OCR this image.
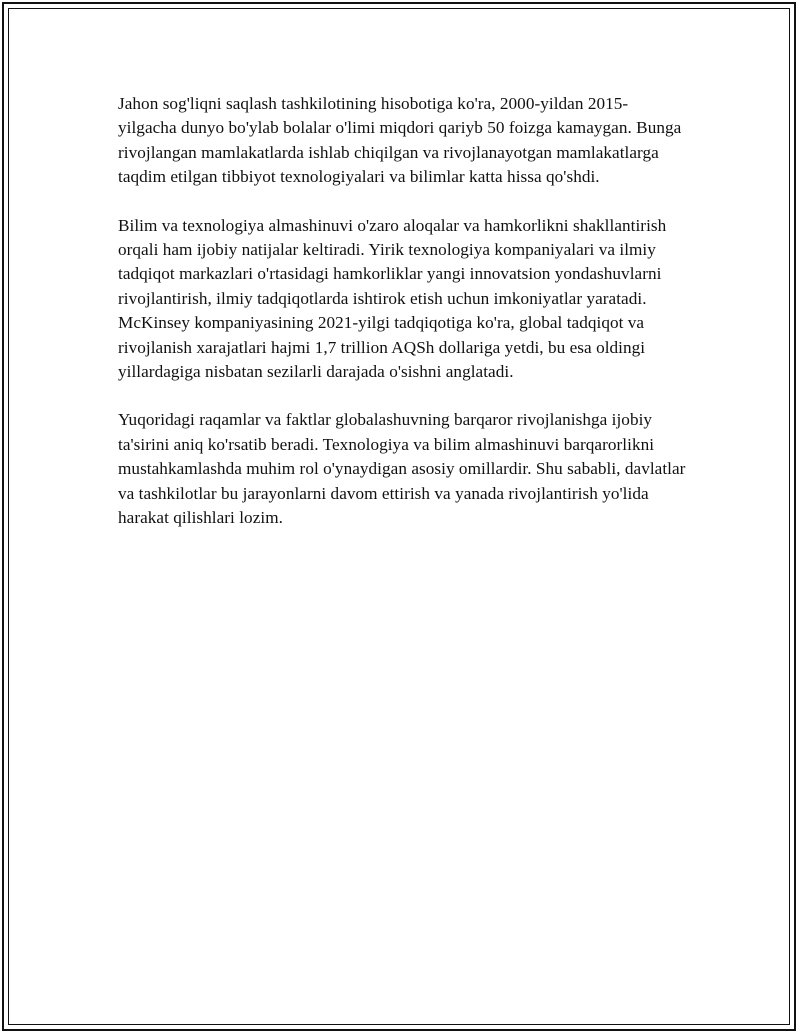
Jahon sog'liqni saqlash tashkilotining hisobotiga ko'ra, 2000-yildan 2015-yilgacha dunyo bo'ylab bolalar o'limi miqdori qariyb 50 foizga kamaygan. Bunga rivojlangan mamlakatlarda ishlab chiqilgan va rivojlanayotgan mamlakatlarga taqdim etilgan tibbiyot texnologiyalari va bilimlar katta hissa qo'shdi.

Bilim va texnologiya almashinuvi o'zaro aloqalar va hamkorlikni shakllantirish orqali ham ijobiy natijalar keltiradi. Yirik texnologiya kompaniyalari va ilmiy tadqiqot markazlari o'rtasidagi hamkorliklar yangi innovatsion yondashuvlarni rivojlantirish, ilmiy tadqiqotlarda ishtirok etish uchun imkoniyatlar yaratadi. McKinsey kompaniyasining 2021-yilgi tadqiqotiga ko'ra, global tadqiqot va rivojlanish xarajatlari hajmi 1,7 trillion AQSh dollariga yetdi, bu esa oldingi yillardagiga nisbatan sezilarli darajada o'sishni anglatadi.

Yuqoridagi raqamlar va faktlar globalashuvning barqaror rivojlanishga ijobiy ta'sirini aniq ko'rsatib beradi. Texnologiya va bilim almashinuvi barqarorlikni mustahkamlashda muhim rol o'ynaydigan asosiy omillardir. Shu sababli, davlatlar va tashkilotlar bu jarayonlarni davom ettirish va yanada rivojlantirish yo'lida harakat qilishlari lozim.
